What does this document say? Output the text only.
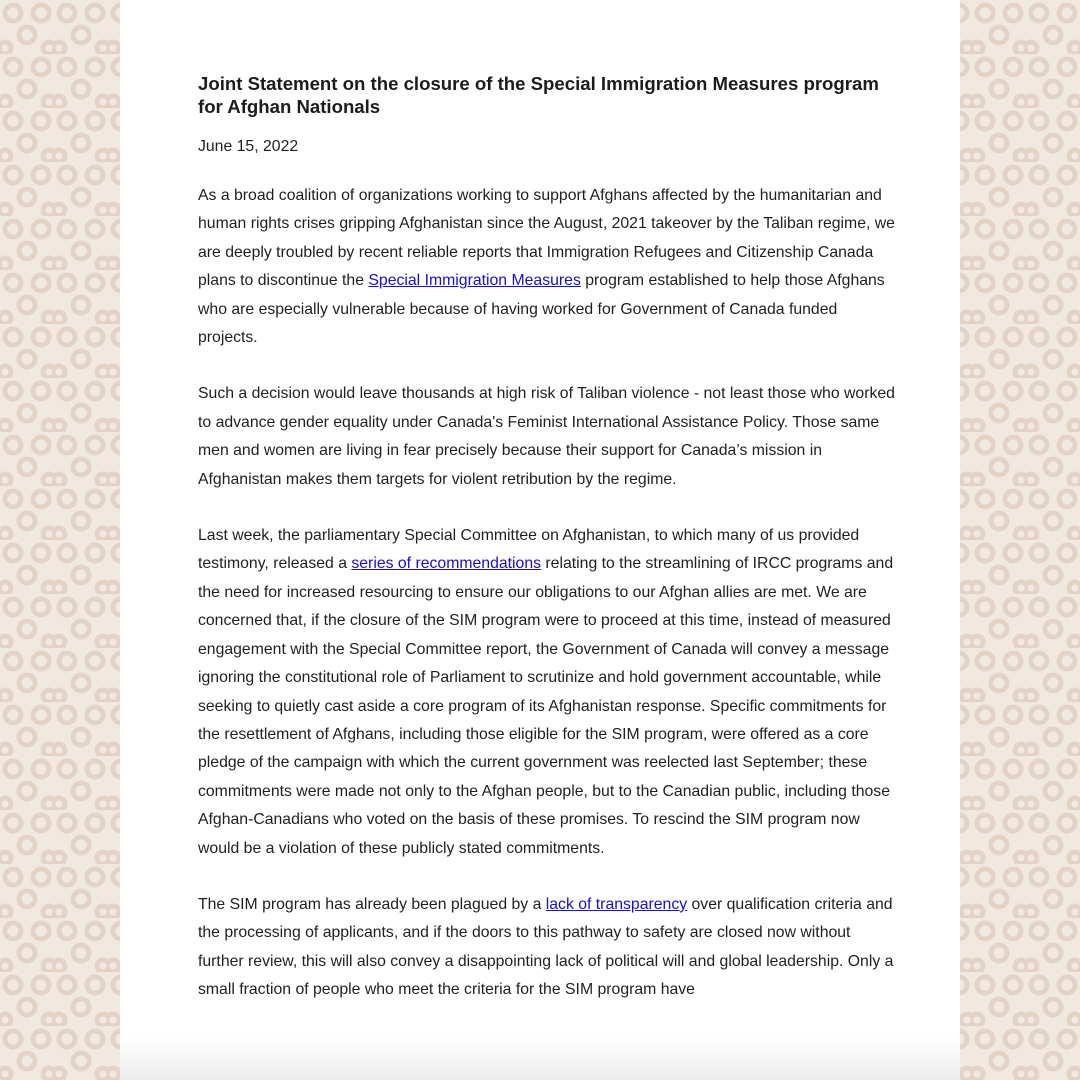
Joint Statement on the closure of the Special Immigration Measures program for Afghan Nationals

June 15, 2022

As a broad coalition of organizations working to support Afghans affected by the humanitarian and human rights crises gripping Afghanistan since the August, 2021 takeover by the Taliban regime, we are deeply troubled by recent reliable reports that Immigration Refugees and Citizenship Canada plans to discontinue the Special Immigration Measures program established to help those Afghans who are especially vulnerable because of having worked for Government of Canada funded projects.

Such a decision would leave thousands at high risk of Taliban violence - not least those who worked to advance gender equality under Canada's Feminist International Assistance Policy. Those same men and women are living in fear precisely because their support for Canada’s mission in Afghanistan makes them targets for violent retribution by the regime.

Last week, the parliamentary Special Committee on Afghanistan, to which many of us provided testimony, released a series of recommendations relating to the streamlining of IRCC programs and the need for increased resourcing to ensure our obligations to our Afghan allies are met. We are concerned that, if the closure of the SIM program were to proceed at this time, instead of measured engagement with the Special Committee report, the Government of Canada will convey a message ignoring the constitutional role of Parliament to scrutinize and hold government accountable, while seeking to quietly cast aside a core program of its Afghanistan response. Specific commitments for the resettlement of Afghans, including those eligible for the SIM program, were offered as a core pledge of the campaign with which the current government was reelected last September; these commitments were made not only to the Afghan people, but to the Canadian public, including those Afghan-Canadians who voted on the basis of these promises. To rescind the SIM program now would be a violation of these publicly stated commitments.

The SIM program has already been plagued by a lack of transparency over qualification criteria and the processing of applicants, and if the doors to this pathway to safety are closed now without further review, this will also convey a disappointing lack of political will and global leadership. Only a small fraction of people who meet the criteria for the SIM program have
